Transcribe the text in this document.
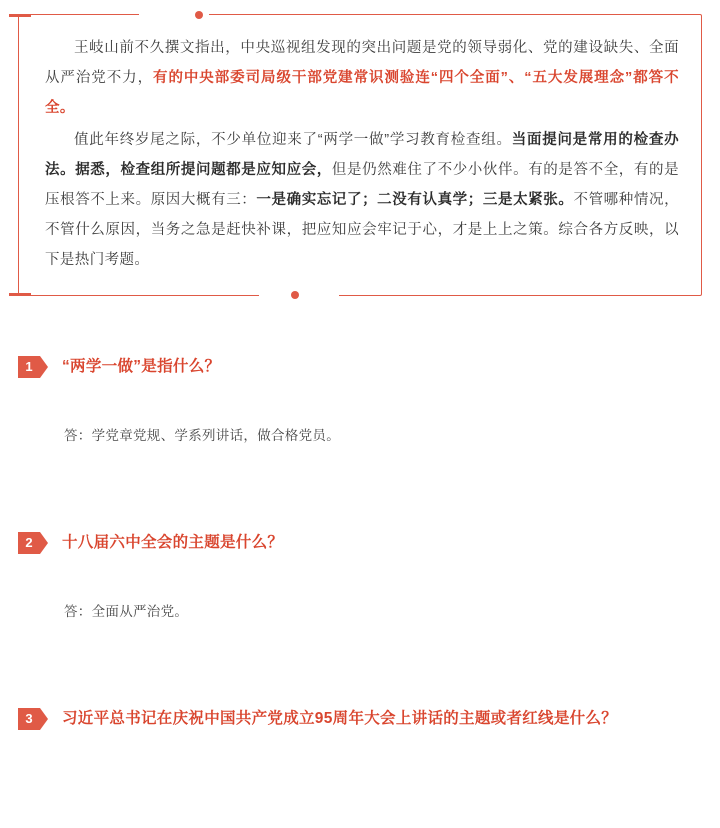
王岐山前不久撰文指出，中央巡视组发现的突出问题是党的领导弱化、党的建设缺失、全面从严治党不力，有的中央部委司局级干部党建常识测验连“四个全面”、“五大发展理念”都答不全。

值此年终岁尾之际，不少单位迎来了“两学一做”学习教育检查组。当面提问是常用的检查办法。据悉，检查组所提问题都是应知应会，但是仍然难住了不少小伙伴。有的是答不全，有的是压根答不上来。原因大概有三：一是确实忘记了；二没有认真学；三是太紧张。不管哪种情况，不管什么原因，当务之急是赶快补课，把应知应会牢记于心，才是上上之策。综合各方反映，以下是热门考题。

1	“两学一做”是指什么？
答：学党章党规、学系列讲话，做合格党员。
2	十八届六中全会的主题是什么？
答：全面从严治党。
3	习近平总书记在庆祝中国共产党成立95周年大会上讲话的主题或者红线是什么？
